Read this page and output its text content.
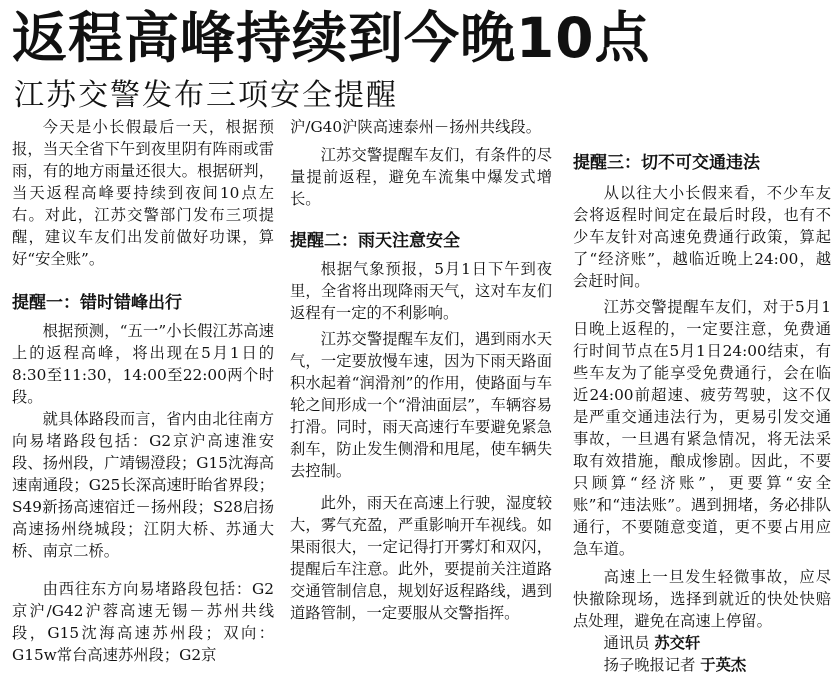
返程高峰持续到今晚10点
江苏交警发布三项安全提醒

今天是小长假最后一天，根据预报，当天全省下午到夜里阴有阵雨或雷雨，有的地方雨量还很大。根据研判，当天返程高峰要持续到夜间10点左右。对此，江苏交警部门发布三项提醒，建议车友们出发前做好功课，算好“安全账”。

提醒一：错时错峰出行

根据预测，“五一”小长假江苏高速上的返程高峰，将出现在5月1日的8:30至11:30，14:00至22:00两个时段。

就具体路段而言，省内由北往南方向易堵路段包括：G2京沪高速淮安段、扬州段，广靖锡澄段；G15沈海高速南通段；G25长深高速盱眙省界段；S49新扬高速宿迁－扬州段；S28启扬高速扬州绕城段；江阴大桥、苏通大桥、南京二桥。

由西往东方向易堵路段包括：G2京沪/G42沪蓉高速无锡－苏州共线段，G15沈海高速苏州段；双向：G15w常台高速苏州段；G2京

沪/G40沪陕高速泰州－扬州共线段。

江苏交警提醒车友们，有条件的尽量提前返程，避免车流集中爆发式增长。

提醒二：雨天注意安全

根据气象预报，5月1日下午到夜里，全省将出现降雨天气，这对车友们返程有一定的不利影响。

江苏交警提醒车友们，遇到雨水天气，一定要放慢车速，因为下雨天路面积水起着“润滑剂”的作用，使路面与车轮之间形成一个“滑油面层”，车辆容易打滑。同时，雨天高速行车要避免紧急刹车，防止发生侧滑和甩尾，使车辆失去控制。

此外，雨天在高速上行驶，湿度较大，雾气充盈，严重影响开车视线。如果雨很大，一定记得打开雾灯和双闪，提醒后车注意。此外，要提前关注道路交通管制信息，规划好返程路线，遇到道路管制，一定要服从交警指挥。

提醒三：切不可交通违法

从以往大小长假来看，不少车友会将返程时间定在最后时段，也有不少车友针对高速免费通行政策，算起了“经济账”，越临近晚上24:00，越会赶时间。

江苏交警提醒车友们，对于5月1日晚上返程的，一定要注意，免费通行时间节点在5月1日24:00结束，有些车友为了能享受免费通行，会在临近24:00前超速、疲劳驾驶，这不仅是严重交通违法行为，更易引发交通事故，一旦遇有紧急情况，将无法采取有效措施，酿成惨剧。因此，不要只顾算“经济账”，更要算“安全账”和“违法账”。遇到拥堵，务必排队通行，不要随意变道，更不要占用应急车道。

高速上一旦发生轻微事故，应尽快撤除现场，选择到就近的快处快赔点处理，避免在高速上停留。

通讯员 苏交轩

扬子晚报记者 于英杰
